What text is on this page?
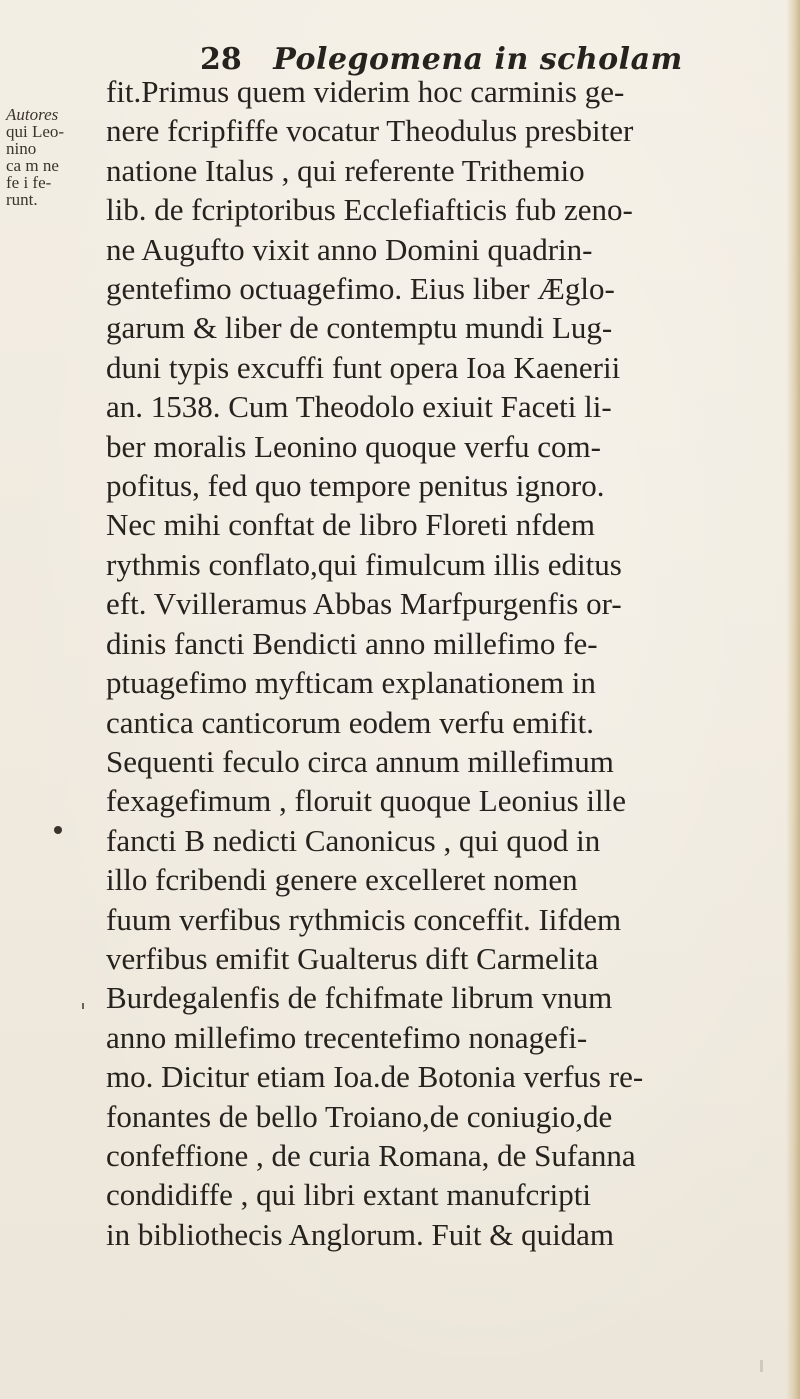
28 Polegomena in scholam
Autores
qui Leo-
nino
ca m ne
fe i fe-
runt.
fit.Primus quem viderim hoc carminis ge-
nere fcripfiffe vocatur Theodulus presbiter
natione Italus , qui referente Trithemio
lib. de fcriptoribus Ecclefiafticis fub zeno-
ne Augufto vixit anno Domini quadrin-
gentefimo octuagefimo. Eius liber Æglo-
garum & liber de contemptu mundi Lug-
duni typis excuffi funt opera Ioa Kaenerii
an. 1538. Cum Theodolo exiuit Faceti li-
ber moralis Leonino quoque verfu com-
pofitus, fed quo tempore penitus ignoro.
Nec mihi conftat de libro Floreti nfdem
rythmis conflato,qui fimulcum illis editus
eft. Vvilleramus Abbas Marfpurgenfis or-
dinis fancti Bendicti anno millefimo fe-
ptuagefimo myfticam explanationem in
cantica canticorum eodem verfu emifit.
Sequenti feculo circa annum millefimum
fexagefimum , floruit quoque Leonius ille
fancti B nedicti Canonicus , qui quod in
illo fcribendi genere excelleret nomen
fuum verfibus rythmicis conceffit. Iifdem
verfibus emifit Gualterus dift Carmelita
Burdegalenfis de fchifmate librum vnum
anno millefimo trecentefimo nonagefi-
mo. Dicitur etiam Ioa.de Botonia verfus re-
fonantes de bello Troiano,de coniugio,de
confeffione , de curia Romana, de Sufanna
condidiffe , qui libri extant manufcripti
in bibliothecis Anglorum. Fuit & quidam
